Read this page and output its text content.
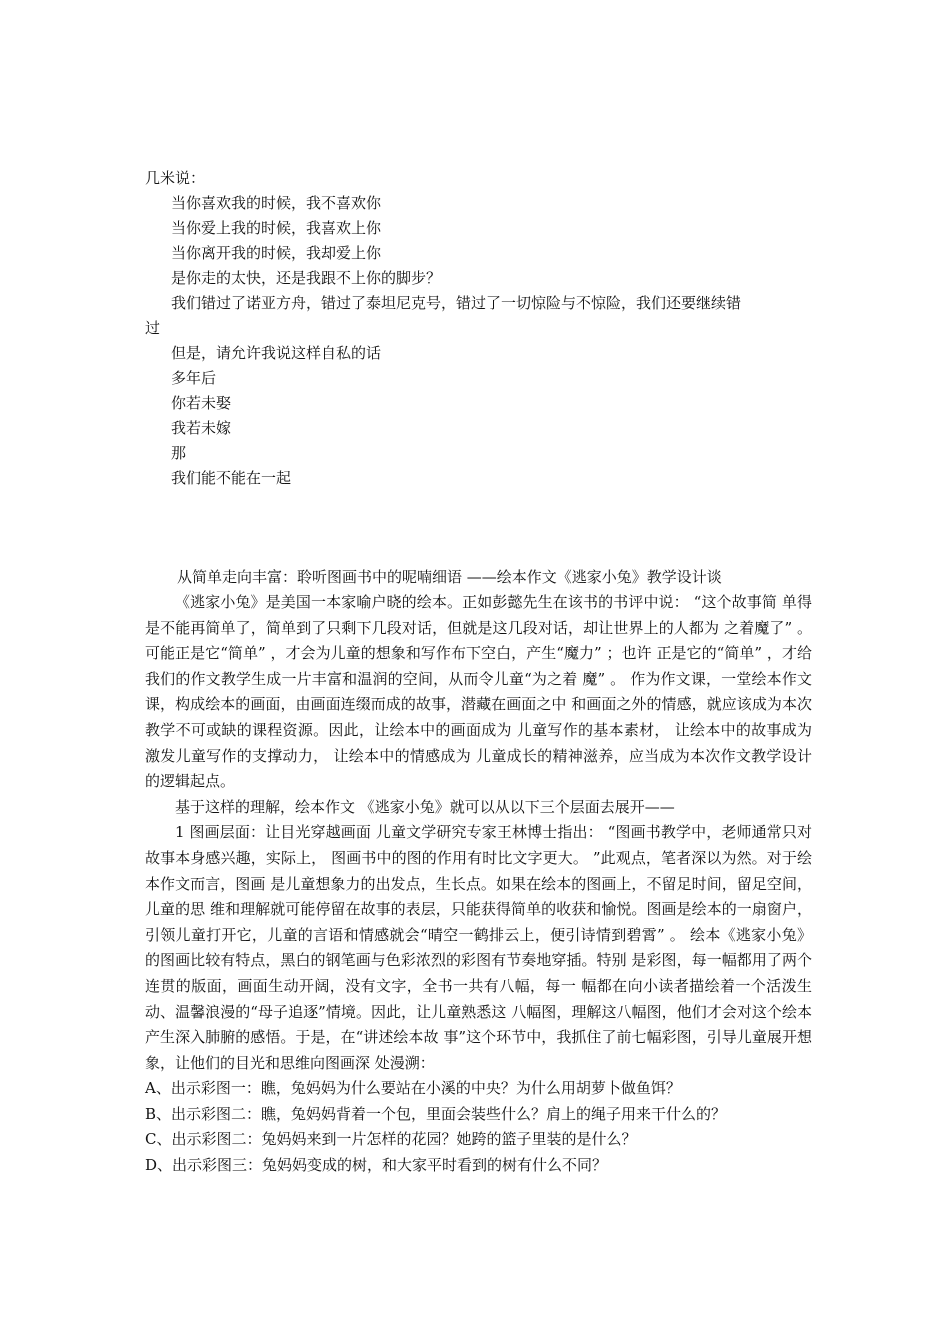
几米说：
当你喜欢我的时候，我不喜欢你
当你爱上我的时候，我喜欢上你
当你离开我的时候，我却爱上你
是你走的太快，还是我跟不上你的脚步？
我们错过了诺亚方舟，错过了泰坦尼克号，错过了一切惊险与不惊险，我们还要继续错
过
但是，请允许我说这样自私的话
多年后
你若未娶
我若未嫁
那
我们能不能在一起
从简单走向丰富：聆听图画书中的呢喃细语 ——绘本作文《逃家小兔》教学设计谈

《逃家小兔》是美国一本家喻户晓的绘本。正如彭懿先生在该书的书评中说： “这个故事简 单得是不能再简单了，简单到了只剩下几段对话，但就是这几段对话，却让世界上的人都为 之着魔了” 。可能正是它“简单” ，才会为儿童的想象和写作布下空白，产生“魔力” ；也许 正是它的“简单” ，才给我们的作文教学生成一片丰富和温润的空间，从而令儿童“为之着 魔” 。 作为作文课，一堂绘本作文课，构成绘本的画面，由画面连缀而成的故事，潜藏在画面之中 和画面之外的情感，就应该成为本次教学不可或缺的课程资源。因此，让绘本中的画面成为 儿童写作的基本素材， 让绘本中的故事成为激发儿童写作的支撑动力， 让绘本中的情感成为 儿童成长的精神滋养，应当成为本次作文教学设计的逻辑起点。

基于这样的理解，绘本作文 《逃家小兔》就可以从以下三个层面去展开——

1 图画层面：让目光穿越画面 儿童文学研究专家王林博士指出： “图画书教学中，老师通常只对故事本身感兴趣，实际上， 图画书中的图的作用有时比文字更大。 ”此观点，笔者深以为然。对于绘本作文而言，图画 是儿童想象力的出发点，生长点。如果在绘本的图画上，不留足时间，留足空间，儿童的思 维和理解就可能停留在故事的表层，只能获得简单的收获和愉悦。图画是绘本的一扇窗户， 引领儿童打开它，儿童的言语和情感就会“晴空一鹤排云上，便引诗情到碧霄” 。 绘本《逃家小兔》的图画比较有特点，黑白的钢笔画与色彩浓烈的彩图有节奏地穿插。特别 是彩图，每一幅都用了两个连贯的版面，画面生动开阔，没有文字，全书一共有八幅，每一 幅都在向小读者描绘着一个活泼生动、温馨浪漫的“母子追逐”情境。因此，让儿童熟悉这 八幅图，理解这八幅图，他们才会对这个绘本产生深入肺腑的感悟。于是，在“讲述绘本故 事”这个环节中，我抓住了前七幅彩图，引导儿童展开想象，让他们的目光和思维向图画深 处漫溯：

A、出示彩图一：瞧，兔妈妈为什么要站在小溪的中央？为什么用胡萝卜做鱼饵？
B、出示彩图二：瞧，兔妈妈背着一个包，里面会装些什么？肩上的绳子用来干什么的？
C、出示彩图二：兔妈妈来到一片怎样的花园？她跨的篮子里装的是什么？
D、出示彩图三：兔妈妈变成的树，和大家平时看到的树有什么不同？
